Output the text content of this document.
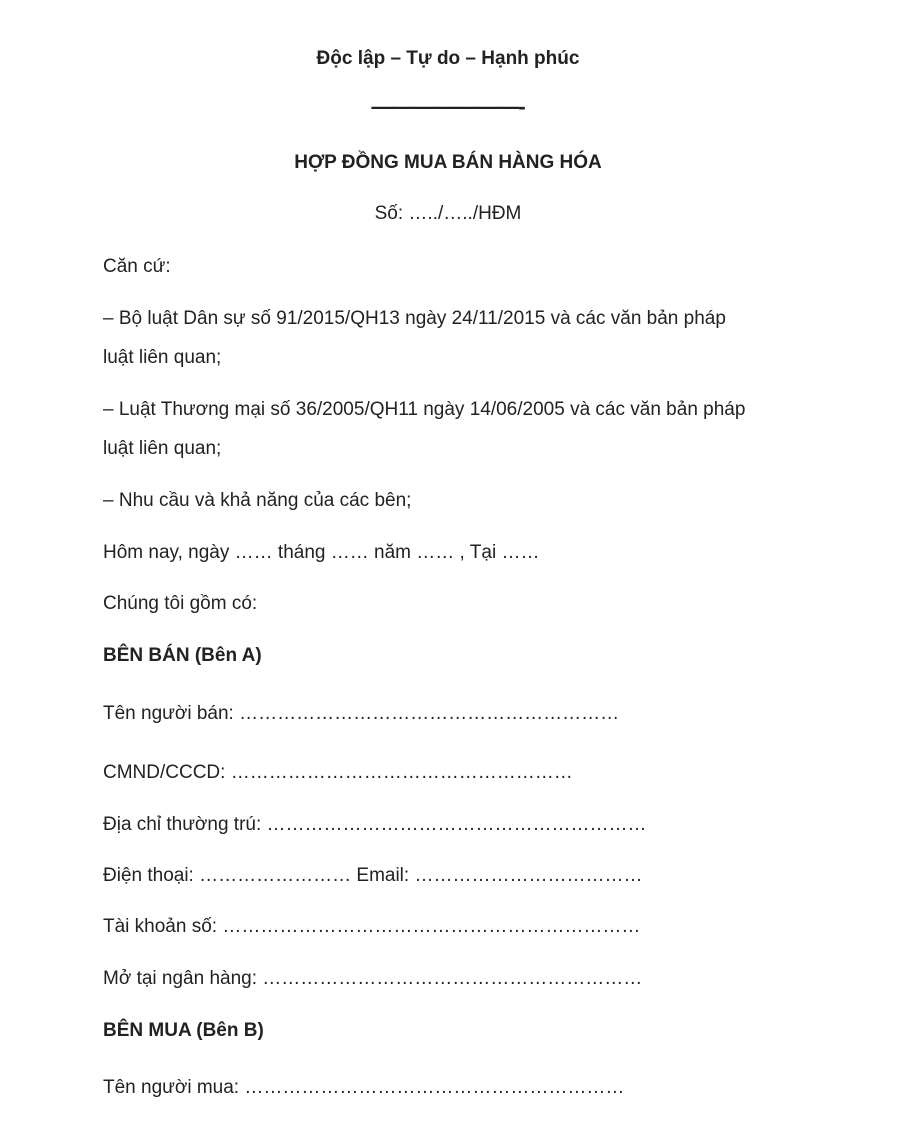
Độc lập – Tự do – Hạnh phúc
———————-
HỢP ĐỒNG MUA BÁN HÀNG HÓA
Số: …../…../HĐM
Căn cứ:
– Bộ luật Dân sự số 91/2015/QH13 ngày 24/11/2015 và các văn bản pháp
luật liên quan;
– Luật Thương mại số 36/2005/QH11 ngày 14/06/2005 và các văn bản pháp
luật liên quan;
– Nhu cầu và khả năng của các bên;
Hôm nay, ngày …… tháng …… năm …… , Tại ……
Chúng tôi gồm có:
BÊN BÁN (Bên A)
Tên người bán: ……………………………………………………
CMND/CCCD: ………………………………………………
Địa chỉ thường trú: ……………………………………………………
Điện thoại: …………………… Email: ………………………………
Tài khoản số: …………………………………………………………
Mở tại ngân hàng: ……………………………………………………
BÊN MUA (Bên B)
Tên người mua: ……………………………………………………
